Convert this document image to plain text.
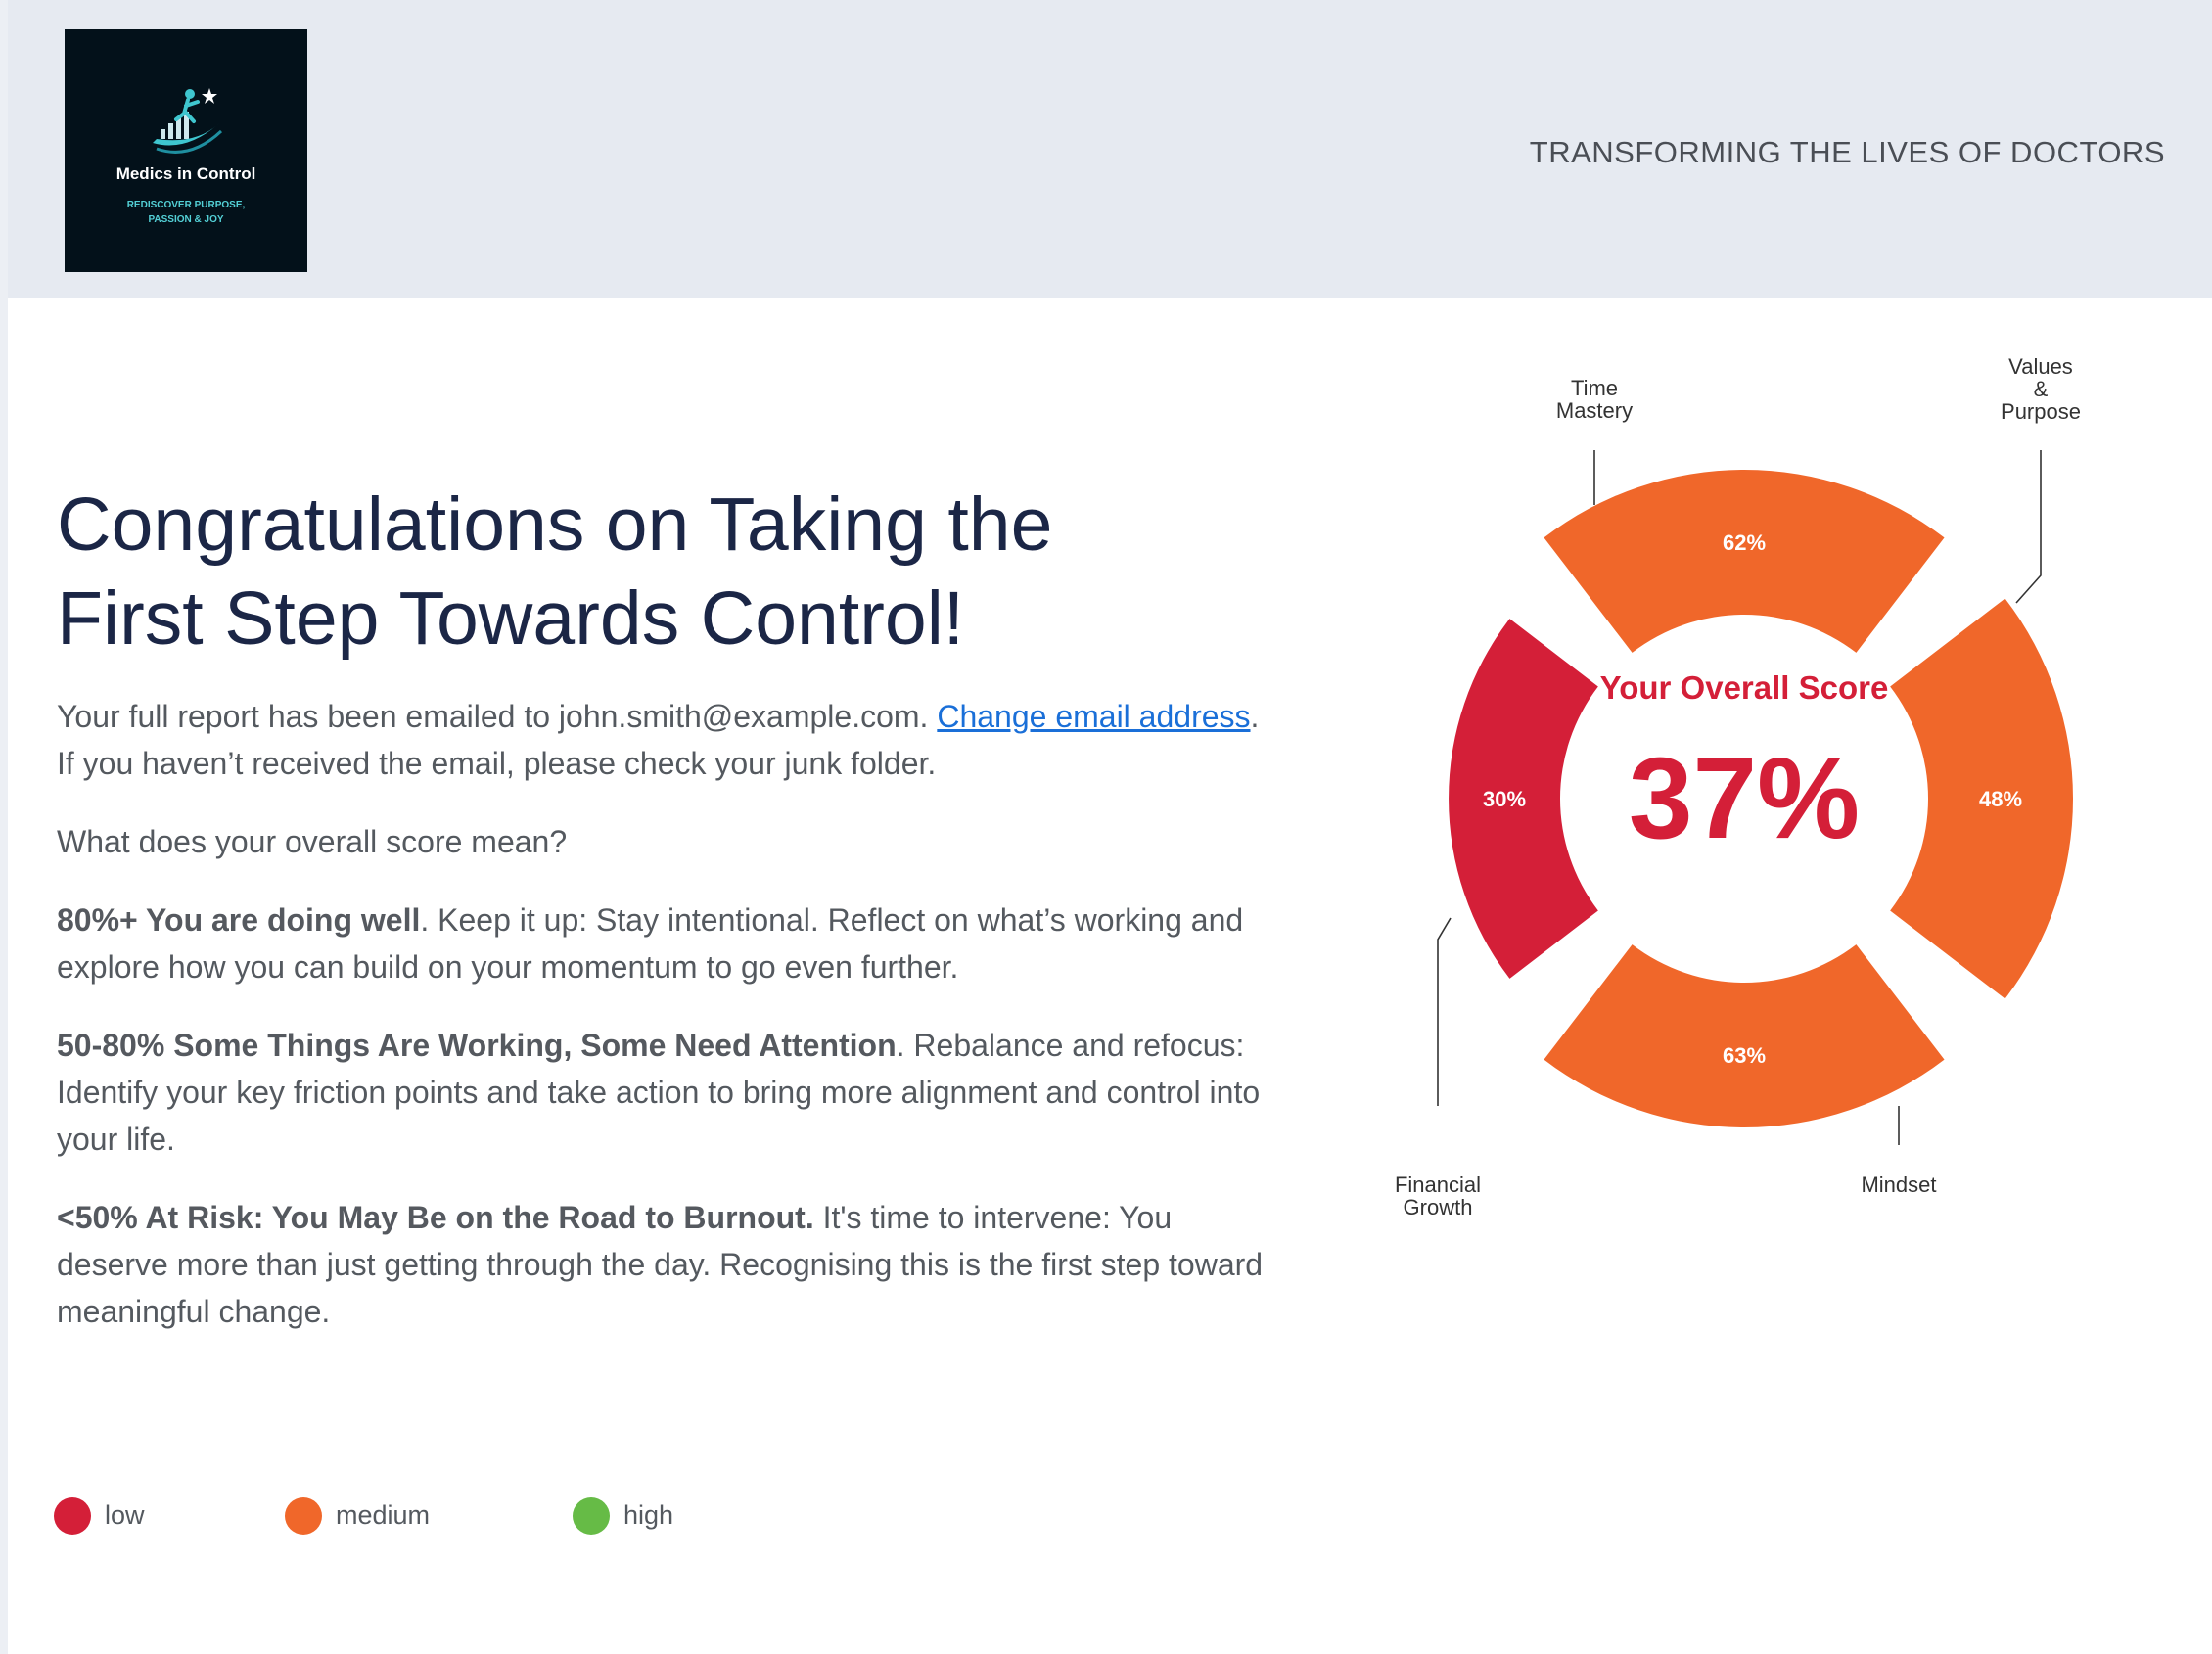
Medics in Control
REDISCOVER PURPOSE,
PASSION & JOY
TRANSFORMING THE LIVES OF DOCTORS
Congratulations on Taking the
First Step Towards Control!

Your full report has been emailed to john.smith@example.com. Change email address. If you haven’t received the email, please check your junk folder.

What does your overall score mean?

80%+ You are doing well. Keep it up: Stay intentional. Reflect on what’s working and explore how you can build on your momentum to go even further.

50-80% Some Things Are Working, Some Need Attention. Rebalance and refocus: Identify your key friction points and take action to bring more alignment and control into your life.

<50% At Risk: You May Be on the Road to Burnout. It's time to intervene: You deserve more than just getting through the day. Recognising this is the first step toward meaningful change.

low	medium	high
30%
62%
48%
63%
Time
Mastery
Values
&
Purpose
Mindset
Financial
Growth
Your Overall Score
37%
